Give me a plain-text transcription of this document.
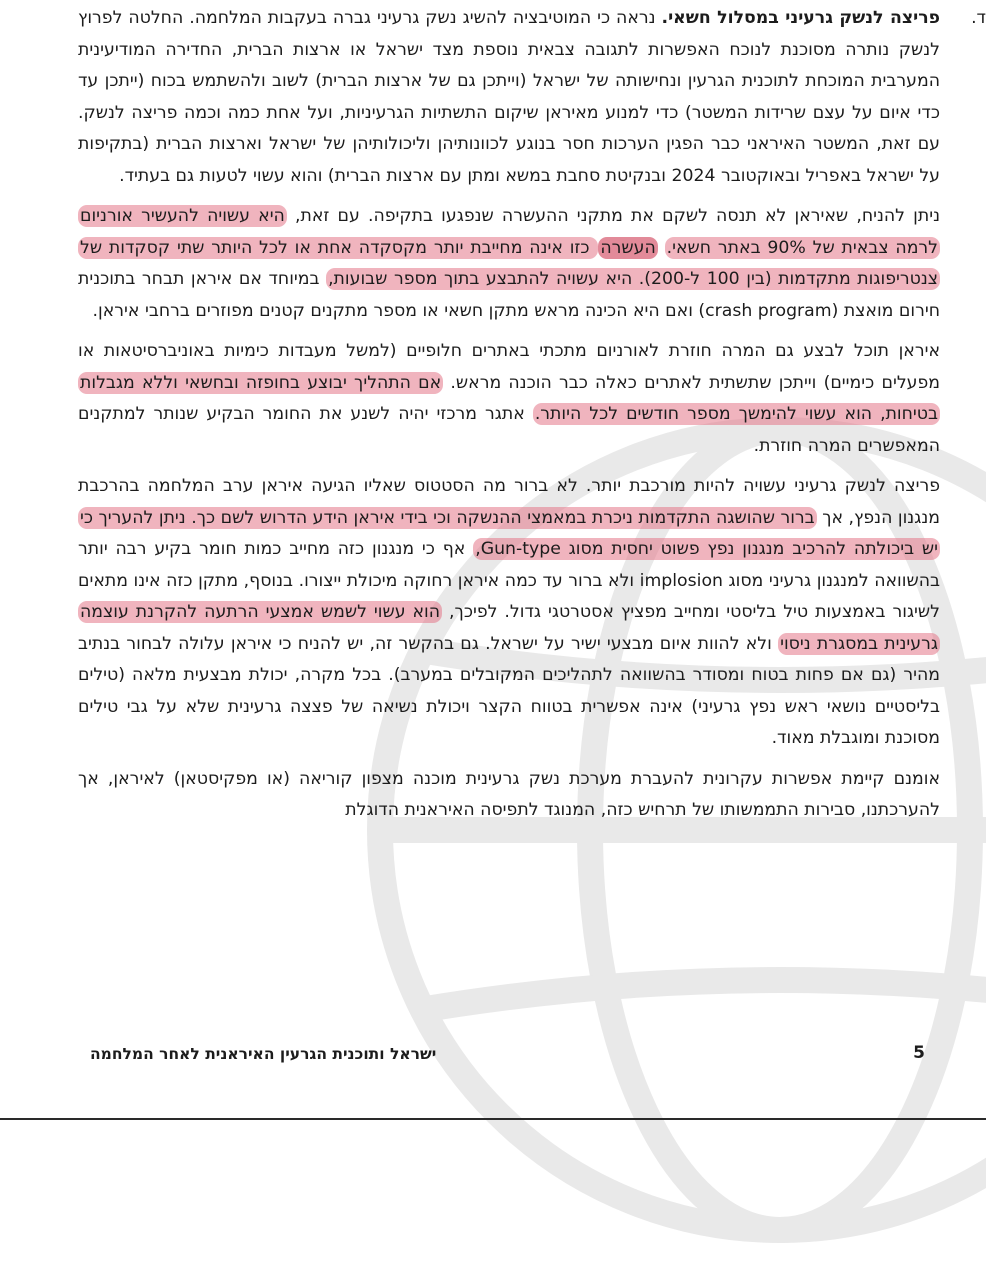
ד.
פריצה לנשק גרעיני במסלול חשאי. נראה כי המוטיבציה להשיג נשק גרעיני גברה בעקבות המלחמה. החלטה לפרוץ לנשק נותרה מסוכנת לנוכח האפשרות לתגובה צבאית נוספת מצד ישראל או ארצות הברית, החדירה המודיעינית המערבית המוכחת לתוכנית הגרעין ונחישותה של ישראל (וייתכן גם של ארצות הברית) לשוב ולהשתמש בכוח (ייתכן עד כדי איום על עצם שרידות המשטר) כדי למנוע מאיראן שיקום התשתיות הגרעיניות, ועל אחת כמה וכמה פריצה לנשק. עם זאת, המשטר האיראני כבר הפגין הערכות חסר בנוגע לכוונותיהן וליכולותיהן של ישראל וארצות הברית (בתקיפות על ישראל באפריל ובאוקטובר 2024 ובנקיטת סחבת במשא ומתן עם ארצות הברית) והוא עשוי לטעות גם בעתיד.

ניתן להניח, שאיראן לא תנסה לשקם את מתקני ההעשרה שנפגעו בתקיפה. עם זאת, היא עשויה להעשיר אורניום לרמה צבאית של 90% באתר חשאי. העשרה כזו אינה מחייבת יותר מקסקדה אחת או לכל היותר שתי קסקדות של צנטריפוגות מתקדמות (בין 100 ל-200). היא עשויה להתבצע בתוך מספר שבועות, במיוחד אם איראן תבחר בתוכנית חירום מואצת (crash program) ואם היא הכינה מראש מתקן חשאי או מספר מתקנים קטנים מפוזרים ברחבי איראן.

איראן תוכל לבצע גם המרה חוזרת לאורניום מתכתי באתרים חלופיים (למשל מעבדות כימיות באוניברסיטאות או מפעלים כימיים) וייתכן שתשתית לאתרים כאלה כבר הוכנה מראש. אם התהליך יבוצע בחופזה ובחשאי וללא מגבלות בטיחות, הוא עשוי להימשך מספר חודשים לכל היותר. אתגר מרכזי יהיה לשנע את החומר הבקיע שנותר למתקנים המאפשרים המרה חוזרת.

פריצה לנשק גרעיני עשויה להיות מורכבת יותר. לא ברור מה הסטטוס שאליו הגיעה איראן ערב המלחמה בהרכבת מנגנון הנפץ, אך ברור שהושגה התקדמות ניכרת במאמצי ההנשקה וכי בידי איראן הידע הדרוש לשם כך. ניתן להעריך כי יש ביכולתה להרכיב מנגנון נפץ פשוט יחסית מסוג Gun-type, אף כי מנגנון כזה מחייב כמות חומר בקיע רבה יותר בהשוואה למנגנון גרעיני מסוג implosion ולא ברור עד כמה איראן רחוקה מיכולת ייצורו. בנוסף, מתקן כזה אינו מתאים לשיגור באמצעות טיל בליסטי ומחייב מפציץ אסטרטגי גדול. לפיכך, הוא עשוי לשמש אמצעי הרתעה להקרנת עוצמה גרעינית במסגרת ניסוי ולא להוות איום מבצעי ישיר על ישראל. גם בהקשר זה, יש להניח כי איראן עלולה לבחור בנתיב מהיר (גם אם פחות בטוח ומסודר בהשוואה לתהליכים המקובלים במערב). בכל מקרה, יכולת מבצעית מלאה (טילים בליסטיים נושאי ראש נפץ גרעיני) אינה אפשרית בטווח הקצר ויכולת נשיאה של פצצה גרעינית שלא על גבי טילים מסוכנת ומוגבלת מאוד.

אומנם קיימת אפשרות עקרונית להעברת מערכת נשק גרעינית מוכנה מצפון קוריאה (או מפקיסטאן) לאיראן, אך להערכתנו, סבירות התממשותו של תרחיש כזה, המנוגד לתפיסה האיראנית הדוגלת

5
ישראל ותוכנית הגרעין האיראנית לאחר המלחמה
